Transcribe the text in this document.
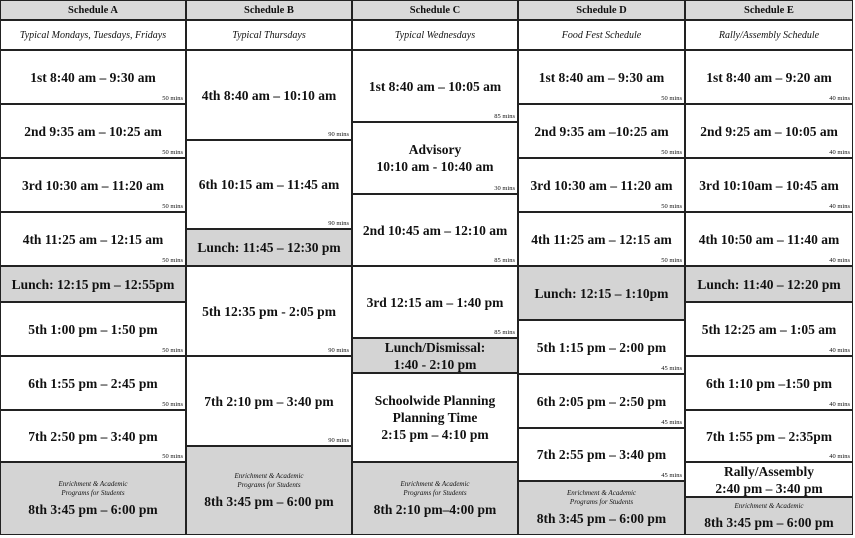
Schedule A
Typical Mondays, Tuesdays, Fridays
1st 8:40 am – 9:30 am
50 mins
2nd 9:35 am – 10:25 am
50 mins
3rd 10:30 am – 11:20 am
50 mins
4th 11:25 am – 12:15 am
50 mins
Lunch: 12:15 pm – 12:55pm
5th 1:00 pm – 1:50 pm
50 mins
6th 1:55 pm – 2:45 pm
50 mins
7th 2:50 pm – 3:40 pm
50 mins
Enrichment & Academic
Programs for Students
8th 3:45 pm – 6:00 pm
Schedule B
Typical Thursdays
4th 8:40 am – 10:10 am
90 mins
6th 10:15 am – 11:45 am
90 mins
Lunch: 11:45 – 12:30 pm
5th 12:35 pm - 2:05 pm
90 mins
7th 2:10 pm – 3:40 pm
90 mins
Enrichment & Academic
Programs for Students
8th 3:45 pm – 6:00 pm
Schedule C
Typical Wednesdays
1st 8:40 am – 10:05 am
85 mins
Advisory
10:10 am - 10:40 am
30 mins
2nd 10:45 am – 12:10 am
85 mins
3rd 12:15 am – 1:40 pm
85 mins
Lunch/Dismissal:
1:40 - 2:10 pm
Schoolwide Planning
Planning Time
2:15 pm – 4:10 pm
Enrichment & Academic
Programs for Students
8th 2:10 pm–4:00 pm
Schedule D
Food Fest Schedule
1st 8:40 am – 9:30 am
50 mins
2nd 9:35 am –10:25 am
50 mins
3rd 10:30 am – 11:20 am
50 mins
4th 11:25 am – 12:15 am
50 mins
Lunch: 12:15 – 1:10pm
5th 1:15 pm – 2:00 pm
45 mins
6th 2:05 pm – 2:50 pm
45 mins
7th 2:55 pm – 3:40 pm
45 mins
Enrichment & Academic
Programs for Students
8th 3:45 pm – 6:00 pm
Schedule E
Rally/Assembly Schedule
1st 8:40 am – 9:20 am
40 mins
2nd 9:25 am – 10:05 am
40 mins
3rd 10:10am – 10:45 am
40 mins
4th 10:50 am – 11:40 am
40 mins
Lunch: 11:40 – 12:20 pm
5th 12:25 am – 1:05 am
40 mins
6th 1:10 pm –1:50 pm
40 mins
7th 1:55 pm – 2:35pm
40 mins
Rally/Assembly
2:40 pm – 3:40 pm
Enrichment & Academic
8th 3:45 pm – 6:00 pm
